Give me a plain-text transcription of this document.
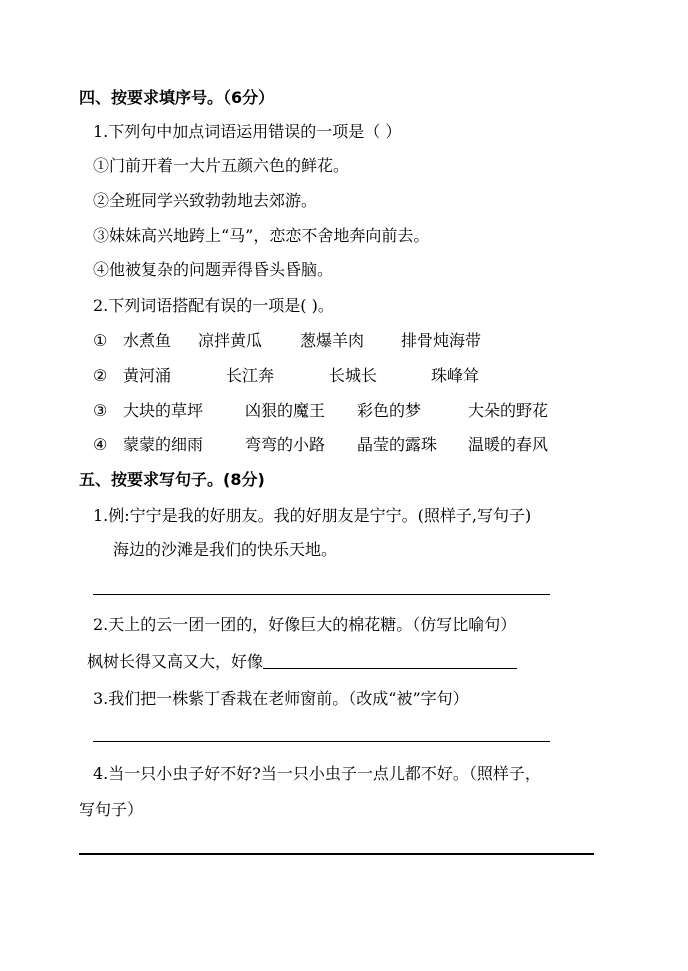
四、按要求填序号。（6分）
1.下列句中加点词语运用错误的一项是（ ）
①门前开着一大片五颜六色的鲜花。
②全班同学兴致勃勃地去郊游。
③妹妹高兴地跨上“马”，恋恋不舍地奔向前去。
④他被复杂的问题弄得昏头昏脑。
2.下列词语搭配有误的一项是( )。
① 水煮鱼	凉拌黄瓜	葱爆羊肉	排骨炖海带
② 黄河涌	长江奔	长城长	珠峰耸
③ 大块的草坪	凶狠的魔王	彩色的梦	大朵的野花
④ 蒙蒙的细雨	弯弯的小路	晶莹的露珠	温暖的春风
五、按要求写句子。(8分)
1.例:宁宁是我的好朋友。我的好朋友是宁宁。(照样子,写句子)
海边的沙滩是我们的快乐天地。
2.天上的云一团一团的，好像巨大的棉花糖。（仿写比喻句）
枫树长得又高又大，好像
3.我们把一株紫丁香栽在老师窗前。（改成“被”字句）
4.当一只小虫子好不好?当一只小虫子一点儿都不好。（照样子，
写句子）
